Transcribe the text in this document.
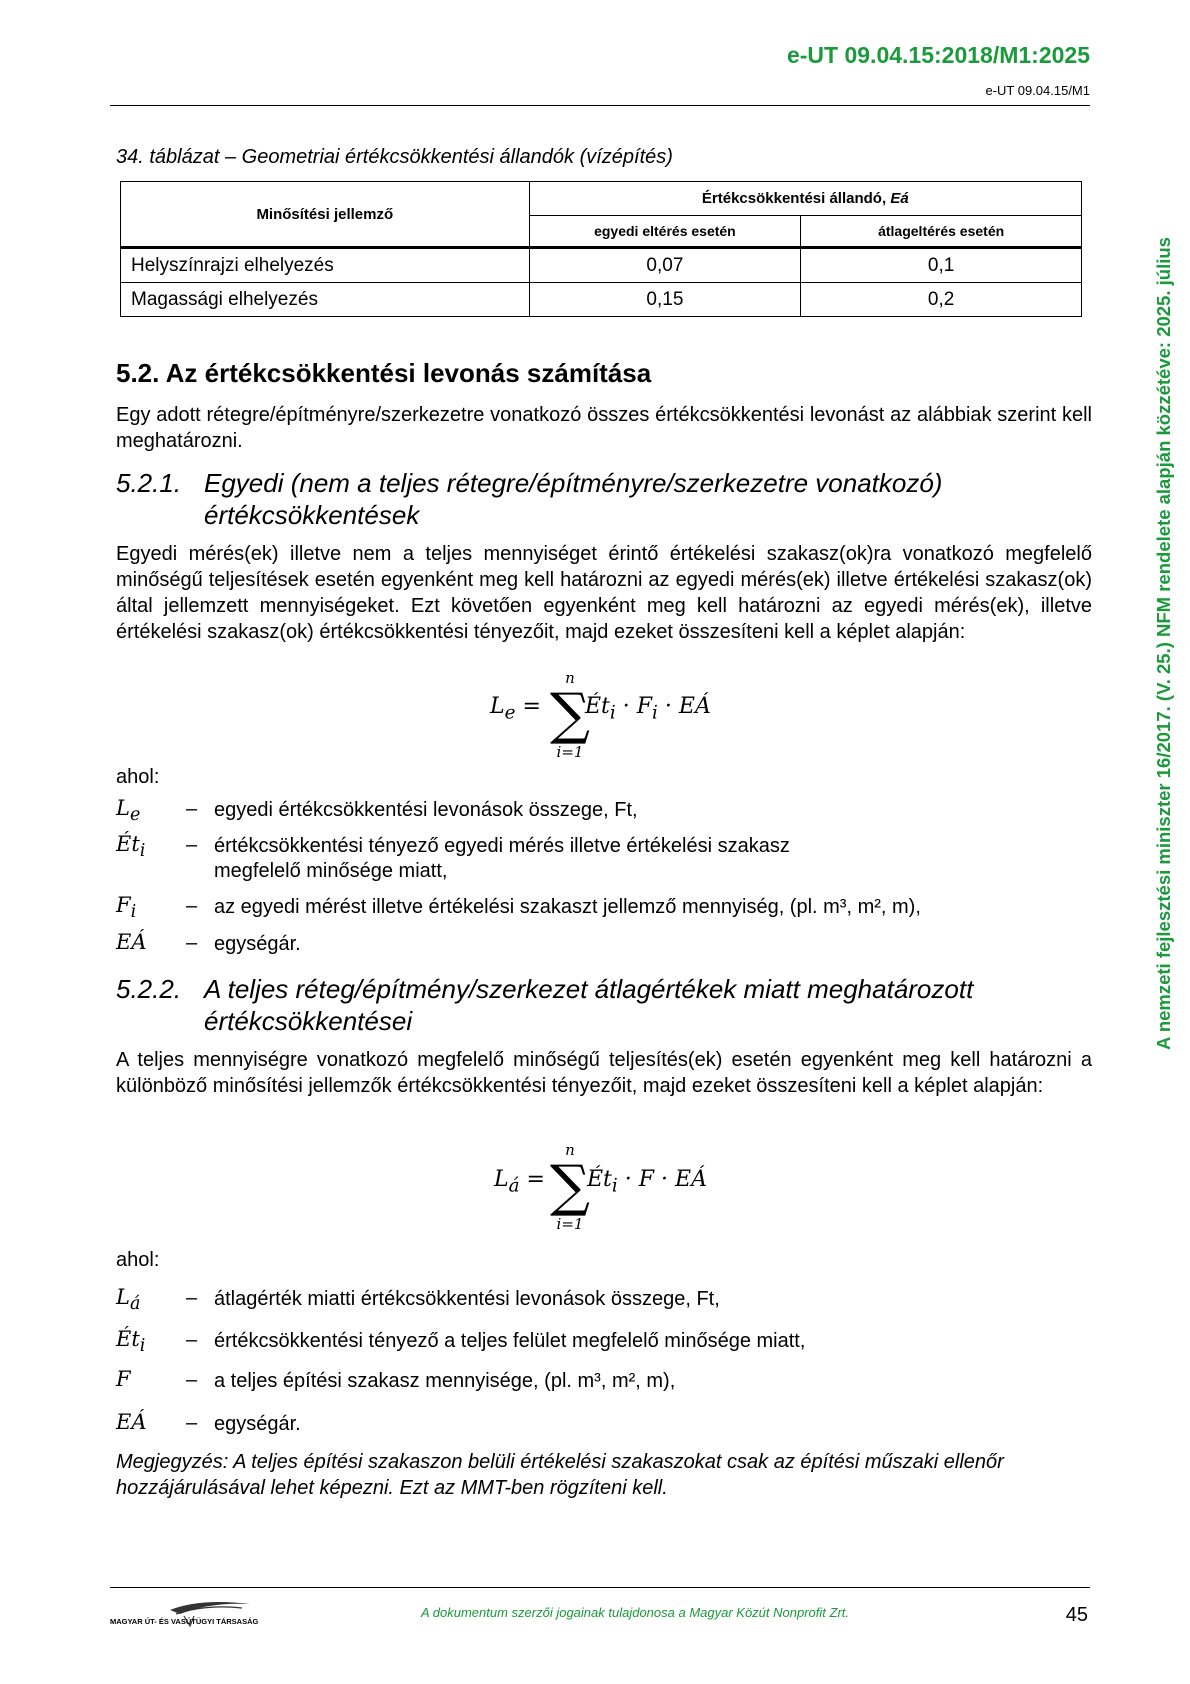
e-UT 09.04.15:2018/M1:2025
e-UT 09.04.15/M1
A nemzeti fejlesztési miniszter 16/2017. (V. 25.) NFM rendelete alapján közzétéve: 2025. július
34. táblázat – Geometriai értékcsökkentési állandók (vízépítés)
Minősítési jellemző	Értékcsökkentési állandó, Eá	
	egyedi eltérés esetén	átlageltérés esetén
Helyszínrajzi elhelyezés	0,07	0,1
Magassági elhelyezés	0,15	0,2
5.2. Az értékcsökkentési levonás számítása
Egy adott rétegre/építményre/szerkezetre vonatkozó összes értékcsökkentési levonást az alábbiak szerint kell meghatározni.
5.2.1. Egyedi (nem a teljes rétegre/építményre/szerkezetre vonatkozó)
értékcsökkentések
Egyedi mérés(ek) illetve nem a teljes mennyiséget érintő értékelési szakasz(ok)ra vonatkozó megfelelő minőségű teljesítések esetén egyenként meg kell határozni az egyedi mérés(ek) illetve értékelési szakasz(ok) által jellemzett mennyiségeket. Ezt követően egyenként meg kell határozni az egyedi mérés(ek), illetve értékelési szakasz(ok) értékcsökkentési tényezőit, majd ezeket összesíteni kell a képlet alapján:
$L_e$ =
n
∑
i=1
$Ét_i \cdot F_i$ · EÁ
ahol:
$L_e$ – egyedi értékcsökkentési levonások összege, Ft,
$Ét_i$ – értékcsökkentési tényező egyedi mérés illetve értékelési szakasz megfelelő minősége miatt,
$F_i$ – az egyedi mérést illetve értékelési szakaszt jellemző mennyiség, (pl. m³, m², m),
EÁ – egységár.
5.2.2. A teljes réteg/építmény/szerkezet átlagértékek miatt meghatározott
értékcsökkentései
A teljes mennyiségre vonatkozó megfelelő minőségű teljesítés(ek) esetén egyenként meg kell határozni a különböző minősítési jellemzők értékcsökkentési tényezőit, majd ezeket összesíteni kell a képlet alapján:
$L_á$ =
n
∑
i=1
$Ét_i \cdot F$ · EÁ
ahol:
$L_á$ – átlagérték miatti értékcsökkentési levonások összege, Ft,
$Ét_i$ – értékcsökkentési tényező a teljes felület megfelelő minősége miatt,
F	– a teljes építési szakasz mennyisége, (pl. m³, m², m),
EÁ – egységár.
Megjegyzés: A teljes építési szakaszon belüli értékelési szakaszokat csak az építési műszaki ellenőr hozzájárulásával lehet képezni. Ezt az MMT-ben rögzíteni kell.
MAGYAR ÚT- ÉS VASÚTÜGYI TÁRSASÁG
A dokumentum szerzői jogainak tulajdonosa a Magyar Közút Nonprofit Zrt.	45
